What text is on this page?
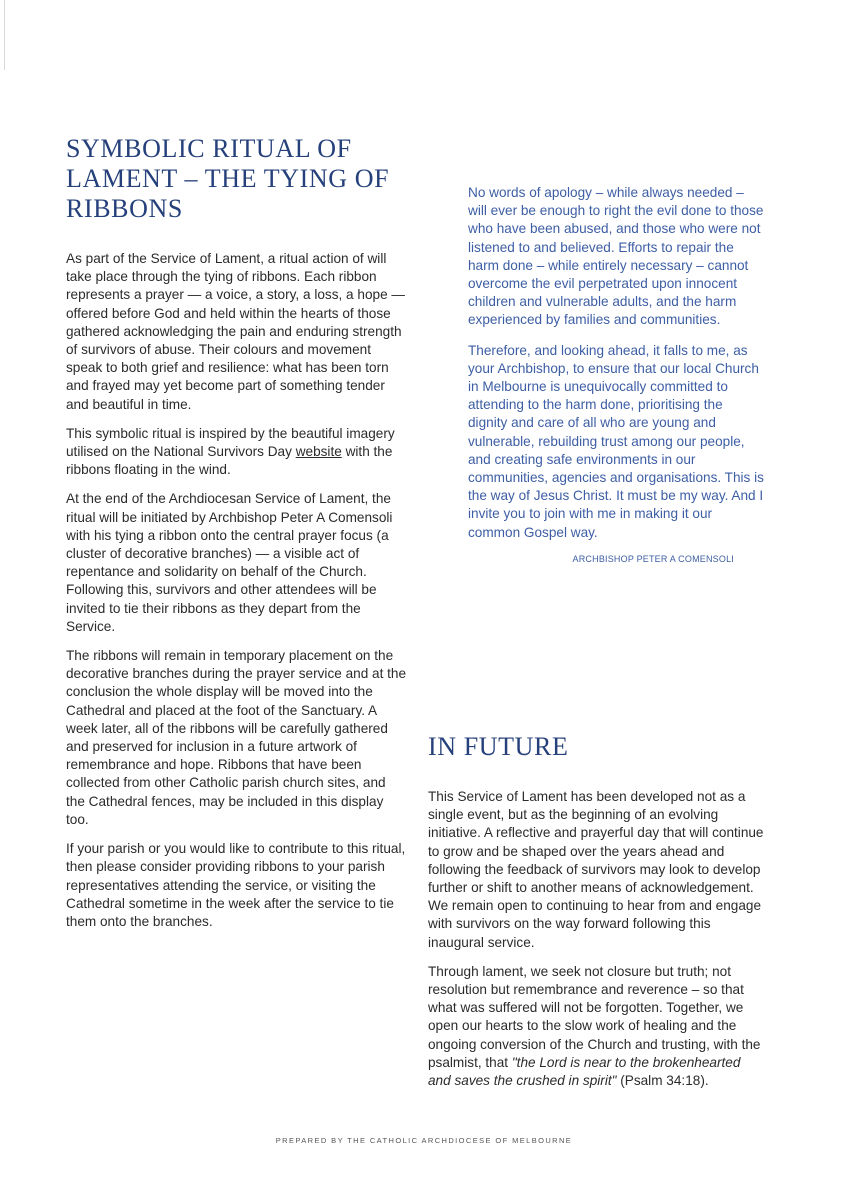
SYMBOLIC RITUAL OF LAMENT – THE TYING OF RIBBONS

As part of the Service of Lament, a ritual action of will take place through the tying of ribbons. Each ribbon represents a prayer — a voice, a story, a loss, a hope — offered before God and held within the hearts of those gathered acknowledging the pain and enduring strength of survivors of abuse. Their colours and movement speak to both grief and resilience: what has been torn and frayed may yet become part of something tender and beautiful in time.

This symbolic ritual is inspired by the beautiful imagery utilised on the National Survivors Day website with the ribbons floating in the wind.

At the end of the Archdiocesan Service of Lament, the ritual will be initiated by Archbishop Peter A Comensoli with his tying a ribbon onto the central prayer focus (a cluster of decorative branches) — a visible act of repentance and solidarity on behalf of the Church. Following this, survivors and other attendees will be invited to tie their ribbons as they depart from the Service.

The ribbons will remain in temporary placement on the decorative branches during the prayer service and at the conclusion the whole display will be moved into the Cathedral and placed at the foot of the Sanctuary. A week later, all of the ribbons will be carefully gathered and preserved for inclusion in a future artwork of remembrance and hope. Ribbons that have been collected from other Catholic parish church sites, and the Cathedral fences, may be included in this display too.

If your parish or you would like to contribute to this ritual, then please consider providing ribbons to your parish representatives attending the service, or visiting the Cathedral sometime in the week after the service to tie them onto the branches.

No words of apology – while always needed – will ever be enough to right the evil done to those who have been abused, and those who were not listened to and believed. Efforts to repair the harm done – while entirely necessary – cannot overcome the evil perpetrated upon innocent children and vulnerable adults, and the harm experienced by families and communities.

Therefore, and looking ahead, it falls to me, as your Archbishop, to ensure that our local Church in Melbourne is unequivocally committed to attending to the harm done, prioritising the dignity and care of all who are young and vulnerable, rebuilding trust among our people, and creating safe environments in our communities, agencies and organisations. This is the way of Jesus Christ. It must be my way. And I invite you to join with me in making it our common Gospel way.

ARCHBISHOP PETER A COMENSOLI
IN FUTURE

This Service of Lament has been developed not as a single event, but as the beginning of an evolving initiative. A reflective and prayerful day that will continue to grow and be shaped over the years ahead and following the feedback of survivors may look to develop further or shift to another means of acknowledgement. We remain open to continuing to hear from and engage with survivors on the way forward following this inaugural service.

Through lament, we seek not closure but truth; not resolution but remembrance and reverence – so that what was suffered will not be forgotten. Together, we open our hearts to the slow work of healing and the ongoing conversion of the Church and trusting, with the psalmist, that "the Lord is near to the brokenhearted and saves the crushed in spirit" (Psalm 34:18).

PREPARED BY THE CATHOLIC ARCHDIOCESE OF MELBOURNE
